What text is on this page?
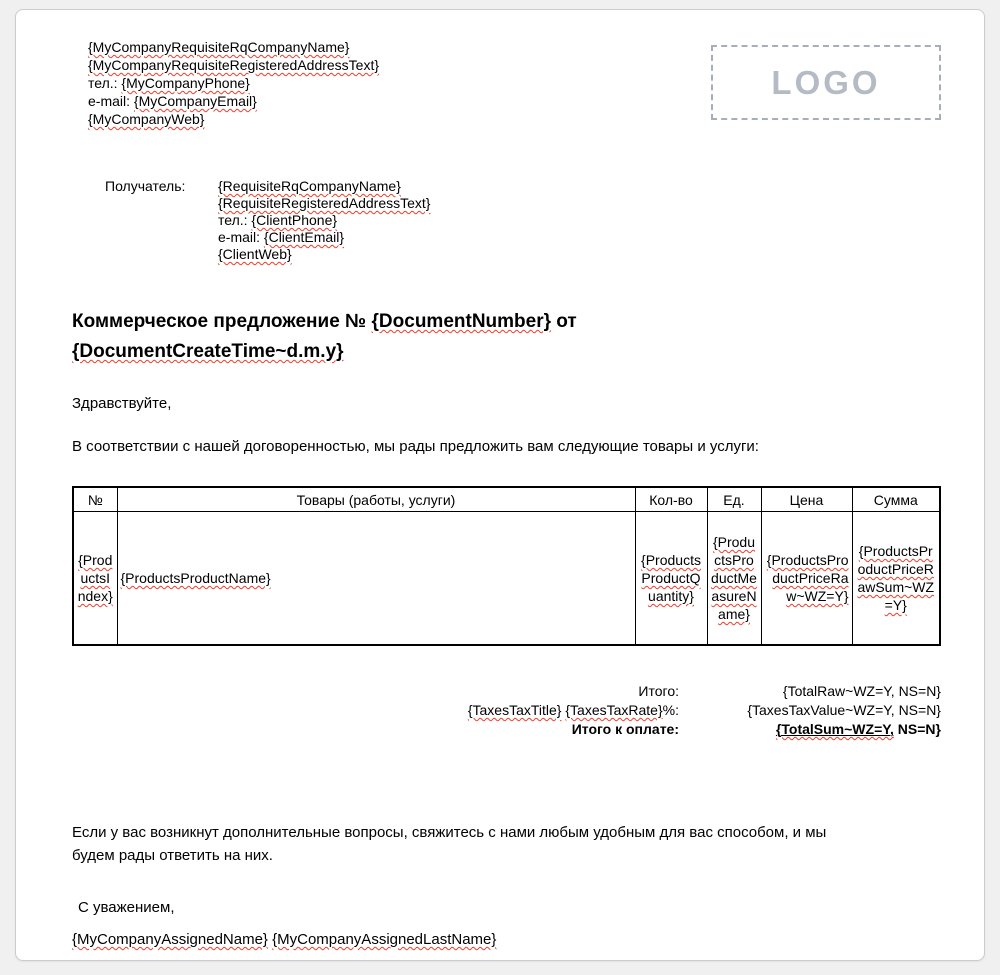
{MyCompanyRequisiteRqCompanyName}
{MyCompanyRequisiteRegisteredAddressText}
тел.: {MyCompanyPhone}
e-mail: {MyCompanyEmail}
{MyCompanyWeb}
LOGO
Получатель:	{RequisiteRqCompanyName}
{RequisiteRegisteredAddressText}
тел.: {ClientPhone}
e-mail: {ClientEmail}
{ClientWeb}
Коммерческое предложение № {DocumentNumber} от
{DocumentCreateTime~d.m.y}
Здравствуйте,
В соответствии с нашей договоренностью, мы рады предложить вам следующие товары и услуги:
№	Товары (работы, услуги)	Кол-во	Ед.	Цена	Сумма
{ProductsIndex}	{ProductsProductName}	{ProductsProductQuantity}	{ProductsProductMeasureName}	{ProductsProductPriceRaw~WZ=Y}	{ProductsProductPriceRawSum~WZ=Y}
Итого:	{TotalRaw~WZ=Y, NS=N}
{TaxesTaxTitle} {TaxesTaxRate}%:	{TaxesTaxValue~WZ=Y, NS=N}
Итого к оплате:	{TotalSum~WZ=Y, NS=N}
Если у вас возникнут дополнительные вопросы, свяжитесь с нами любым удобным для вас способом, и мы
будем рады ответить на них.
С уважением,
{MyCompanyAssignedName} {MyCompanyAssignedLastName}
